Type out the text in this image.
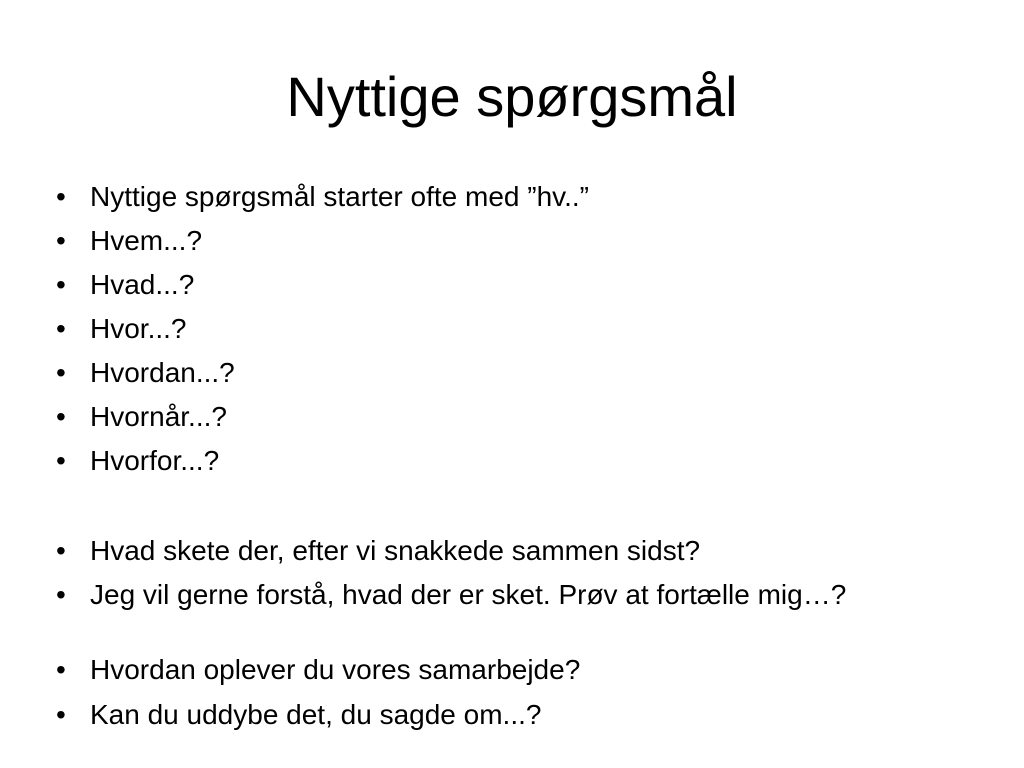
Nyttige spørgsmål
• Nyttige spørgsmål starter ofte med ”hv..”
• Hvem...?
• Hvad...?
• Hvor...?
• Hvordan...?
• Hvornår...?
• Hvorfor...?
• Hvad skete der, efter vi snakkede sammen sidst?
• Jeg vil gerne forstå, hvad der er sket. Prøv at fortælle mig…?
• Hvordan oplever du vores samarbejde?
• Kan du uddybe det, du sagde om...?
